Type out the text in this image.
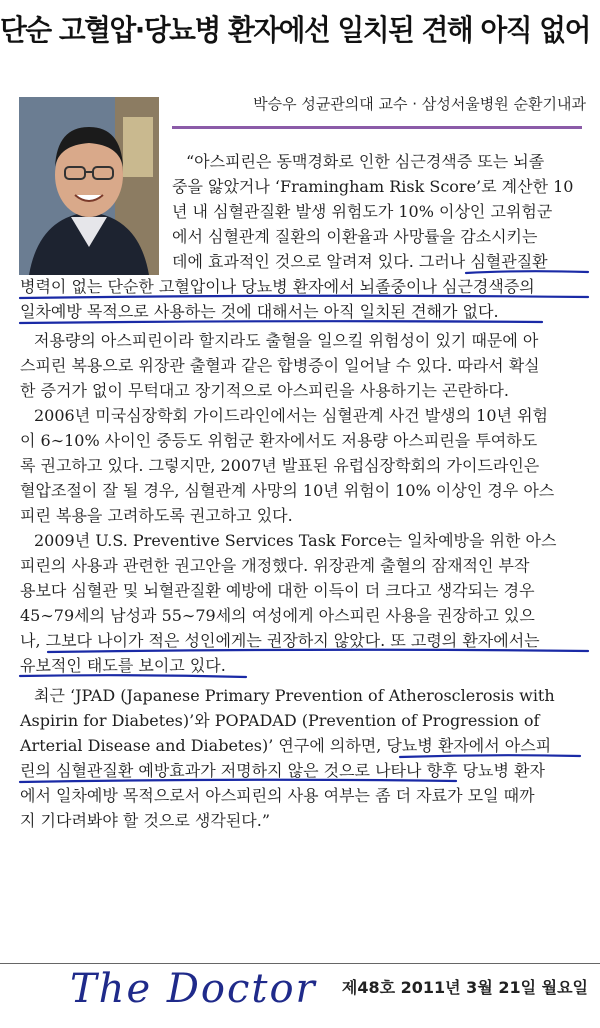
단순 고혈압·당뇨병 환자에선 일치된 견해 아직 없어
박승우 성균관의대 교수 · 삼성서울병원 순환기내과
“아스피린은 동맥경화로 인한 심근경색증 또는 뇌졸
중을 앓았거나 ‘Framingham Risk Score’로 계산한 10
년 내 심혈관질환 발생 위험도가 10% 이상인 고위험군
에서 심혈관계 질환의 이환율과 사망률을 감소시키는
데에 효과적인 것으로 알려져 있다. 그러나 심혈관질환
병력이 없는 단순한 고혈압이나 당뇨병 환자에서 뇌졸중이나 심근경색증의
일차예방 목적으로 사용하는 것에 대해서는 아직 일치된 견해가 없다.
저용량의 아스피린이라 할지라도 출혈을 일으킬 위험성이 있기 때문에 아
스피린 복용으로 위장관 출혈과 같은 합병증이 일어날 수 있다. 따라서 확실
한 증거가 없이 무턱대고 장기적으로 아스피린을 사용하기는 곤란하다.
2006년 미국심장학회 가이드라인에서는 심혈관계 사건 발생의 10년 위험
이 6∼10% 사이인 중등도 위험군 환자에서도 저용량 아스피린을 투여하도
록 권고하고 있다. 그렇지만, 2007년 발표된 유럽심장학회의 가이드라인은
혈압조절이 잘 될 경우, 심혈관계 사망의 10년 위험이 10% 이상인 경우 아스
피린 복용을 고려하도록 권고하고 있다.
2009년 U.S. Preventive Services Task Force는 일차예방을 위한 아스
피린의 사용과 관련한 권고안을 개정했다. 위장관계 출혈의 잠재적인 부작
용보다 심혈관 및 뇌혈관질환 예방에 대한 이득이 더 크다고 생각되는 경우
45∼79세의 남성과 55∼79세의 여성에게 아스피린 사용을 권장하고 있으
나, 그보다 나이가 적은 성인에게는 권장하지 않았다. 또 고령의 환자에서는
유보적인 태도를 보이고 있다.
최근 ‘JPAD (Japanese Primary Prevention of Atherosclerosis with
Aspirin for Diabetes)’와 POPADAD (Prevention of Progression of
Arterial Disease and Diabetes)’ 연구에 의하면, 당뇨병 환자에서 아스피
린의 심혈관질환 예방효과가 저명하지 않은 것으로 나타나 향후 당뇨병 환자
에서 일차예방 목적으로서 아스피린의 사용 여부는 좀 더 자료가 모일 때까
지 기다려봐야 할 것으로 생각된다.”
The Doctor 제48호 2011년 3월 21일 월요일
